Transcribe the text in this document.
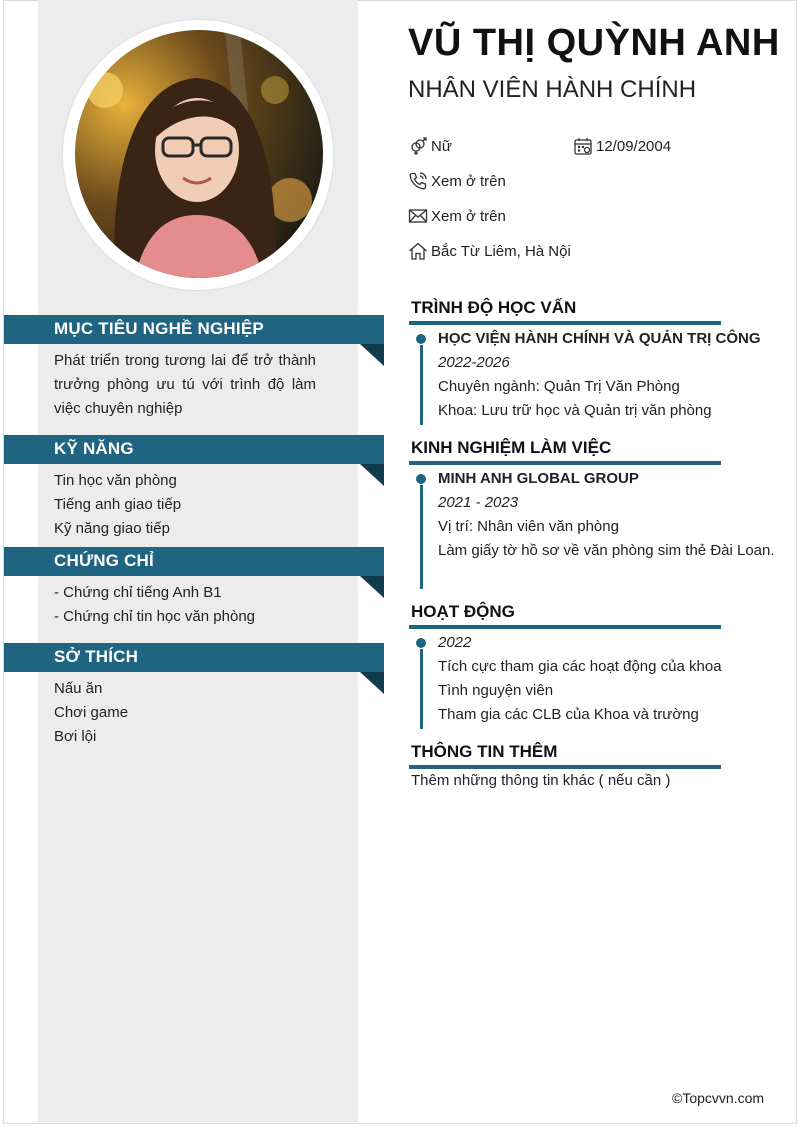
MỤC TIÊU NGHỀ NGHIỆP
Phát triển trong tương lai để trở thành trưởng phòng ưu tú với trình độ làm việc chuyên nghiệp
KỸ NĂNG
Tin học văn phòng
Tiếng anh giao tiếp
Kỹ năng giao tiếp
CHỨNG CHỈ
- Chứng chỉ tiếng Anh B1
- Chứng chỉ tin học văn phòng
SỞ THÍCH
Nấu ăn
Chơi game
Bơi lội
VŨ THỊ QUỲNH ANH
NHÂN VIÊN HÀNH CHÍNH
Nữ	12/09/2004
Xem ở trên
Xem ở trên
Bắc Từ Liêm, Hà Nội
TRÌNH ĐỘ HỌC VẤN
HỌC VIỆN HÀNH CHÍNH VÀ QUẢN TRỊ CÔNG
2022-2026
Chuyên ngành: Quản Trị Văn Phòng
Khoa: Lưu trữ học và Quản trị văn phòng
KINH NGHIỆM LÀM VIỆC
MINH ANH GLOBAL GROUP
2021 - 2023
Vị trí: Nhân viên văn phòng
Làm giấy tờ hồ sơ về văn phòng sim thẻ Đài Loan.
HOẠT ĐỘNG
2022
Tích cực tham gia các hoạt động của khoa
Tình nguyện viên
Tham gia các CLB của Khoa và trường
THÔNG TIN THÊM
Thêm những thông tin khác ( nếu cần )
©Topcvvn.com
